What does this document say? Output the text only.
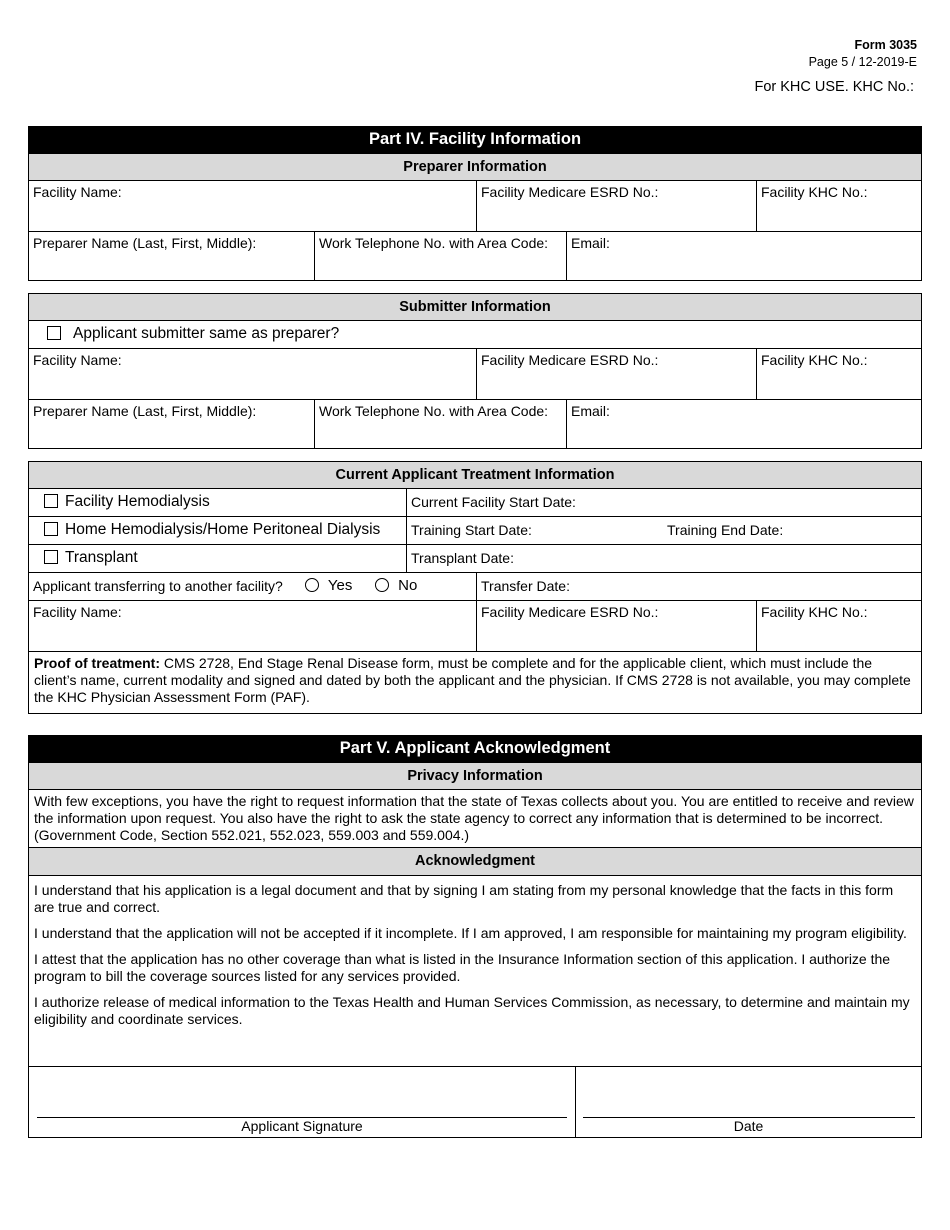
Form 3035
Page 5 / 12-2019-E
For KHC USE. KHC No.:
Part IV. Facility Information
Preparer Information
Facility Name:	Facility Medicare ESRD No.:	Facility KHC No.:
Preparer Name (Last, First, Middle):	Work Telephone No. with Area Code:	Email:
Submitter Information
Applicant submitter same as preparer?
Facility Name:	Facility Medicare ESRD No.:	Facility KHC No.:
Preparer Name (Last, First, Middle):	Work Telephone No. with Area Code:	Email:
Current Applicant Treatment Information
Facility Hemodialysis	Current Facility Start Date:
Home Hemodialysis/Home Peritoneal Dialysis	Training Start Date:	Training End Date:
Transplant	Transplant Date:
Applicant transferring to another facility?	Yes	No	Transfer Date:
Facility Name:	Facility Medicare ESRD No.:	Facility KHC No.:
Proof of treatment: CMS 2728, End Stage Renal Disease form, must be complete and for the applicable client, which must include the client’s name, current modality and signed and dated by both the applicant and the physician. If CMS 2728 is not available, you may complete the KHC Physician Assessment Form (PAF).
Part V. Applicant Acknowledgment
Privacy Information
With few exceptions, you have the right to request information that the state of Texas collects about you. You are entitled to receive and review the information upon request. You also have the right to ask the state agency to correct any information that is determined to be incorrect. (Government Code, Section 552.021, 552.023, 559.003 and 559.004.)
Acknowledgment

I understand that his application is a legal document and that by signing I am stating from my personal knowledge that the facts in this form are true and correct.

I understand that the application will not be accepted if it incomplete. If I am approved, I am responsible for maintaining my program eligibility.

I attest that the application has no other coverage than what is listed in the Insurance Information section of this application. I authorize the program to bill the coverage sources listed for any services provided.

I authorize release of medical information to the Texas Health and Human Services Commission, as necessary, to determine and maintain my eligibility and coordinate services.

Applicant Signature	Date
